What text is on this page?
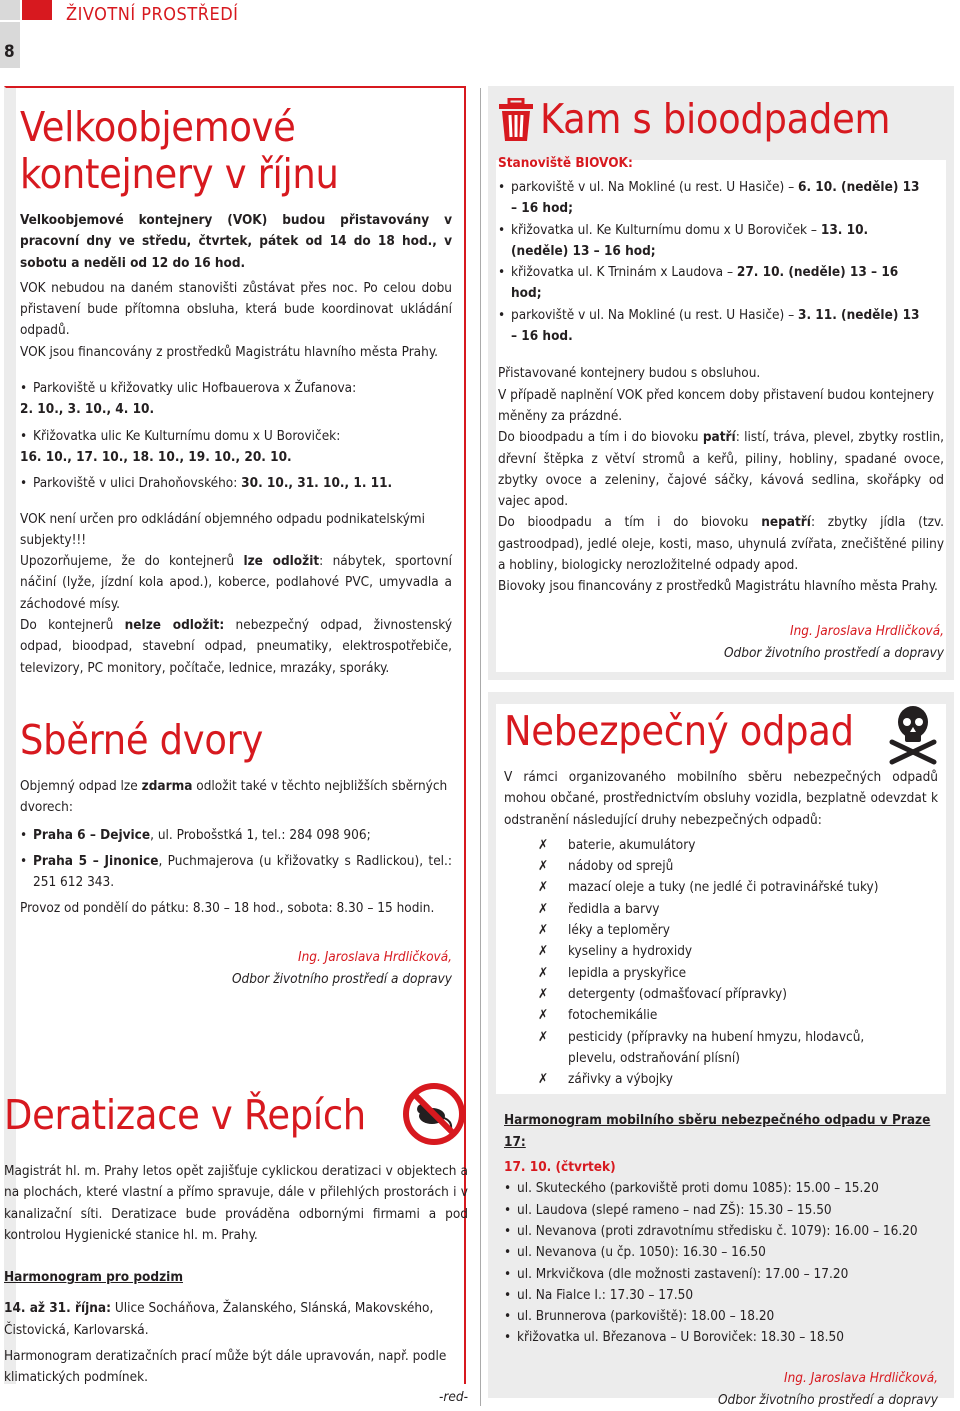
8
ŽIVOTNÍ PROSTŘEDÍ
Velkoobjemové
kontejnery v říjnu

Velkoobjemové kontejnery (VOK) budou přistavovány v pracovní dny ve středu, čtvrtek, pátek od 14 do 18 hod., v sobotu a neděli od 12 do 16 hod.

VOK nebudou na daném stanovišti zůstávat přes noc. Po celou dobu přistavení bude přítomna obsluha, která bude koordinovat ukládání odpadů.

VOK jsou financovány z prostředků Magistrátu hlavního města Prahy.

• Parkoviště u křižovatky ulic Hofbauerova x Žufanova:
2. 10., 3. 10., 4. 10.
• Křižovatka ulic Ke Kulturnímu domu x U Boroviček:
16. 10., 17. 10., 18. 10., 19. 10., 20. 10.
• Parkoviště v ulici Drahoňovského: 30. 10., 31. 10., 1. 11.

VOK není určen pro odkládání objemného odpadu podnikatelskými subjekty!!!

Upozorňujeme, že do kontejnerů lze odložit: nábytek, sportovní náčiní (lyže, jízdní kola apod.), koberce, podlahové PVC, umyvadla a záchodové mísy.

Do kontejnerů nelze odložit: nebezpečný odpad, živnostenský odpad, bioodpad, stavební odpad, pneumatiky, elektrospotřebiče, televizory, PC monitory, počítače, lednice, mrazáky, sporáky.

Sběrné dvory

Objemný odpad lze zdarma odložit také v těchto nejbližších sběrných dvorech:

• Praha 6 – Dejvice, ul. Probošstká 1, tel.: 284 098 906;
• Praha 5 – Jinonice, Puchmajerova (u křižovatky s Radlickou), tel.: 251 612 343.

Provoz od pondělí do pátku: 8.30 – 18 hod., sobota: 8.30 – 15 hodin.

Ing. Jaroslava Hrdličková,
Odbor životního prostředí a dopravy
Deratizace v Řepích

Magistrát hl. m. Prahy letos opět zajišťuje cyklickou deratizaci v objektech a na plochách, které vlastní a přímo spravuje, dále v přilehlých prostorách i v kanalizační síti. Deratizace bude prováděna odbornými firmami a pod kontrolou Hygienické stanice hl. m. Prahy.

Harmonogram pro podzim

14. až 31. října: Ulice Socháňova, Žalanského, Slánská, Makovského, Čistovická, Karlovarská.

Harmonogram deratizačních prací může být dále upravován, např. podle klimatických podmínek.

-red-
Kam s bioodpadem
Stanoviště BIOVOK:
• parkoviště v ul. Na Mokliné (u rest. U Hasiče) – 6. 10. (neděle) 13 – 16 hod;
• křižovatka ul. Ke Kulturnímu domu x U Boroviček – 13. 10. (neděle) 13 – 16 hod;
• křižovatka ul. K Trninám x Laudova – 27. 10. (neděle) 13 – 16 hod;
• parkoviště v ul. Na Mokliné (u rest. U Hasiče) – 3. 11. (neděle) 13 – 16 hod.

Přistavované kontejnery budou s obsluhou.

V případě naplnění VOK před koncem doby přistavení budou kontejnery měněny za prázdné.

Do bioodpadu a tím i do biovoku patří: listí, tráva, plevel, zbytky rostlin, dřevní štěpka z větví stromů a keřů, piliny, hobliny, spadané ovoce, zbytky ovoce a zeleniny, čajové sáčky, kávová sedlina, skořápky od vajec apod.

Do bioodpadu a tím i do biovoku nepatří: zbytky jídla (tzv. gastroodpad), jedlé oleje, kosti, maso, uhynulá zvířata, znečištěné piliny a hobliny, biologicky nerozložitelné odpady apod.

Biovoky jsou financovány z prostředků Magistrátu hlavního města Prahy.

Ing. Jaroslava Hrdličková,
Odbor životního prostředí a dopravy
Nebezpečný odpad

V rámci organizovaného mobilního sběru nebezpečných odpadů mohou občané, prostřednictvím obsluhy vozidla, bezplatně odevzdat k odstranění následující druhy nebezpečných odpadů:

✗ baterie, akumulátory
✗ nádoby od sprejů
✗ mazací oleje a tuky (ne jedlé či potravinářské tuky)
✗ ředidla a barvy
✗ léky a teploměry
✗ kyseliny a hydroxidy
✗ lepidla a pryskyřice
✗ detergenty (odmašťovací přípravky)
✗ fotochemikálie
✗ pesticidy (přípravky na hubení hmyzu, hlodavců, plevelu, odstraňování plísní)
✗ zářivky a výbojky

Harmonogram mobilního sběru nebezpečného odpadu v Praze 17:

17. 10. (čtvrtek)

• ul. Skuteckého (parkoviště proti domu 1085): 15.00 – 15.20
• ul. Laudova (slepé rameno – nad ZŠ): 15.30 – 15.50
• ul. Nevanova (proti zdravotnímu středisku č. 1079): 16.00 – 16.20
• ul. Nevanova (u čp. 1050): 16.30 – 16.50
• ul. Mrkvičkova (dle možnosti zastavení): 17.00 – 17.20
• ul. Na Fialce I.: 17.30 – 17.50
• ul. Brunnerova (parkoviště): 18.00 – 18.20
• křižovatka ul. Březanova – U Boroviček: 18.30 – 18.50
Ing. Jaroslava Hrdličková,
Odbor životního prostředí a dopravy
